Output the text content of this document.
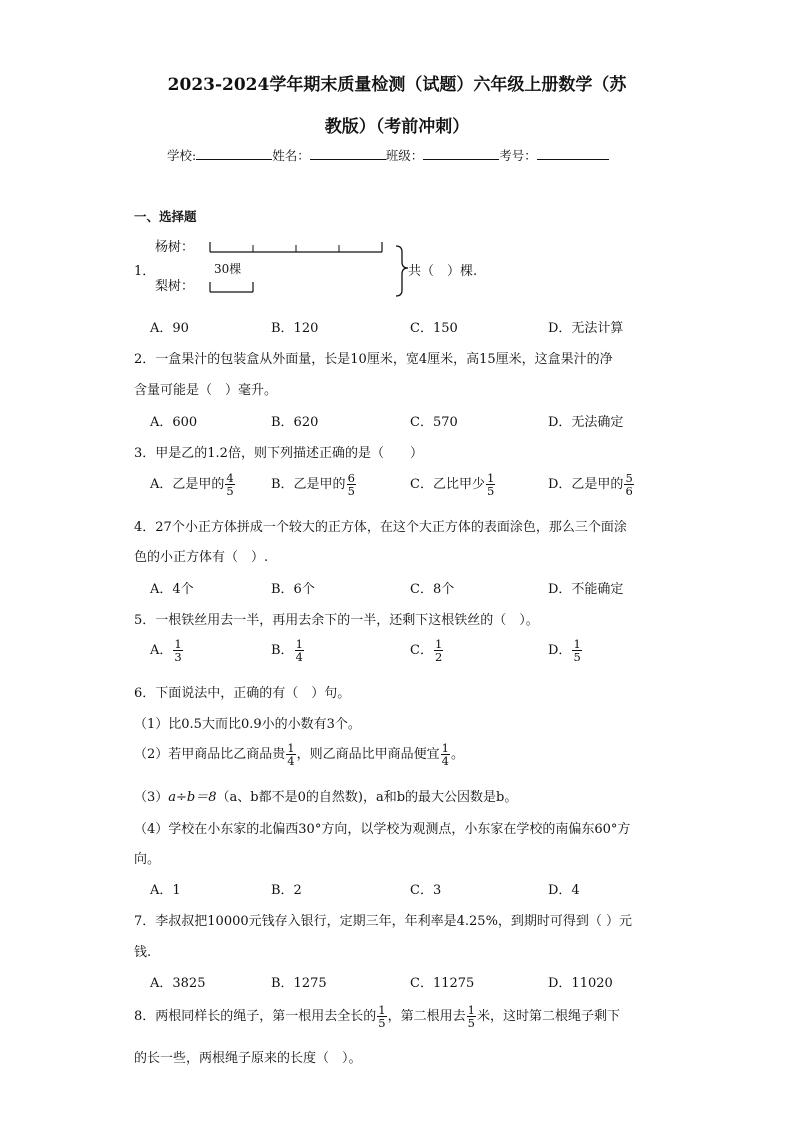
2023-2024学年期末质量检测（试题）六年级上册数学（苏
教版）（考前冲刺）
学校:	姓名：	班级：	考号：
一、选择题
1．
杨树：
梨树：
30棵	共（　）棵.
A．90	B．120	C．150	D．无法计算
2．一盒果汁的包装盒从外面量，长是10厘米，宽4厘米，高15厘米，这盒果汁的净
含量可能是（　）毫升。
A．600	B．620	C．570	D．无法确定
3．甲是乙的1.2倍，则下列描述正确的是（　　）
A．乙是甲的 $\frac{4}{5}$	B．乙是甲的 $\frac{6}{5}$	C．乙比甲少 $\frac{1}{5}$	D．乙是甲的 $\frac{5}{6}$
4．27个小正方体拼成一个较大的正方体，在这个大正方体的表面涂色，那么三个面涂
色的小正方体有（　）.
A．4个	B．6个	C．8个	D．不能确定
5．一根铁丝用去一半，再用去余下的一半，还剩下这根铁丝的（　）。
A． $\frac{1}{3}$	B． $\frac{1}{4}$	C． $\frac{1}{2}$	D． $\frac{1}{5}$
6．下面说法中，正确的有（　）句。
（1）比0.5大而比0.9小的小数有3个。
（2）若甲商品比乙商品贵 $\frac{1}{4}$ ，则乙商品比甲商品便宜 $\frac{1}{4}$ 。
（3）a÷b＝8（a、b都不是0的自然数)，a和b的最大公因数是b。
（4）学校在小东家的北偏西30°方向，以学校为观测点，小东家在学校的南偏东60°方
向。
A．1	B．2	C．3	D．4
7．李叔叔把10000元钱存入银行，定期三年，年利率是4.25%，到期时可得到（ ）元
钱.
A．3825	B．1275	C．11275	D．11020
8．两根同样长的绳子，第一根用去全长的 $\frac{1}{5}$ ，第二根用去 $\frac{1}{5}$ 米，这时第二根绳子剩下
的长一些，两根绳子原来的长度（　）。
